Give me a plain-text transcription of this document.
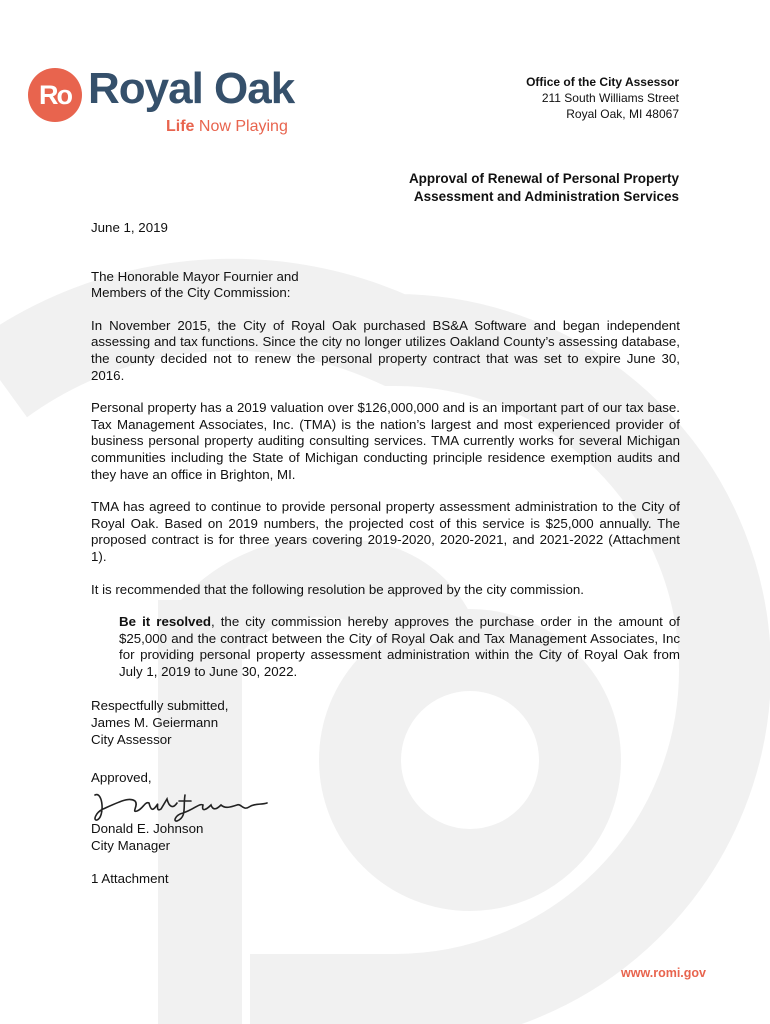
Ro Royal Oak
Life Now Playing
Office of the City Assessor
211 South Williams Street
Royal Oak, MI 48067
Approval of Renewal of Personal Property
Assessment and Administration Services

June 1, 2019

The Honorable Mayor Fournier and
Members of the City Commission:

In November 2015, the City of Royal Oak purchased BS&A Software and began independent assessing and tax functions. Since the city no longer utilizes Oakland County’s assessing database, the county decided not to renew the personal property contract that was set to expire June 30, 2016.

Personal property has a 2019 valuation over $126,000,000 and is an important part of our tax base. Tax Management Associates, Inc. (TMA) is the nation’s largest and most experienced provider of business personal property auditing consulting services. TMA currently works for several Michigan communities including the State of Michigan conducting principle residence exemption audits and they have an office in Brighton, MI.

TMA has agreed to continue to provide personal property assessment administration to the City of Royal Oak. Based on 2019 numbers, the projected cost of this service is $25,000 annually. The proposed contract is for three years covering 2019-2020, 2020-2021, and 2021-2022 (Attachment 1).

It is recommended that the following resolution be approved by the city commission.

Be it resolved, the city commission hereby approves the purchase order in the amount of $25,000 and the contract between the City of Royal Oak and Tax Management Associates, Inc for providing personal property assessment administration within the City of Royal Oak from July 1, 2019 to June 30, 2022.

Respectfully submitted,
James M. Geiermann
City Assessor

Approved,

Donald E. Johnson
City Manager

1 Attachment

www.romi.gov
